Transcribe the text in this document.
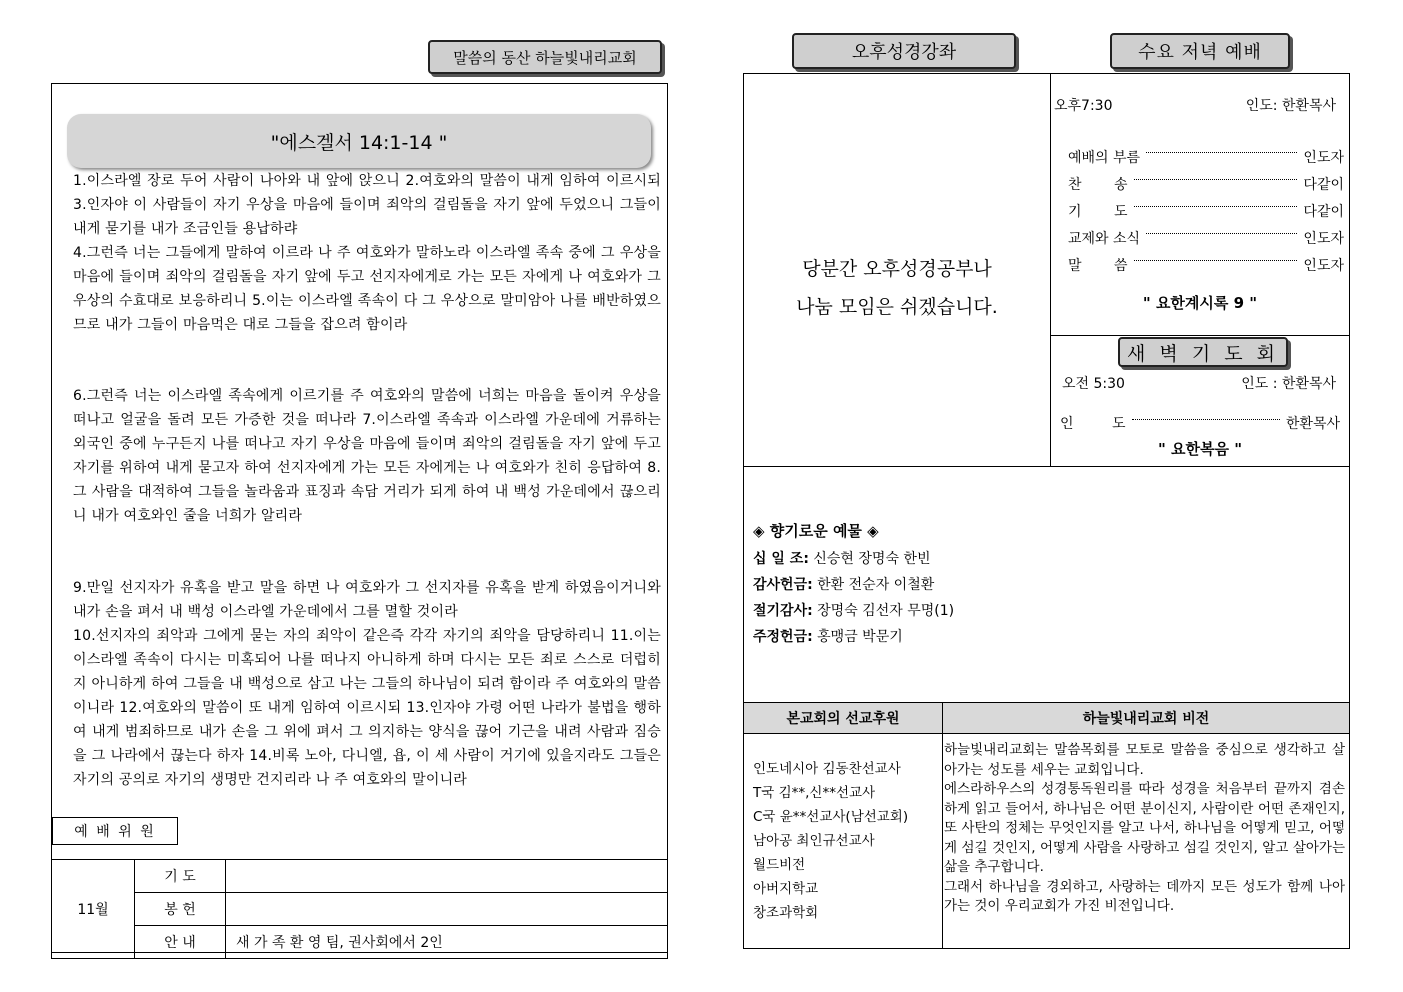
말씀의 동산 하늘빛내리교회
"에스겔서 14:1-14 "
1.이스라엘 장로 두어 사람이 나아와 내 앞에 앉으니 2.여호와의 말씀이 내게 임하여 이르시되 3.인자야 이 사람들이 자기 우상을 마음에 들이며 죄악의 걸림돌을 자기 앞에 두었으니 그들이 내게 묻기를 내가 조금인들 용납하랴
4.그런즉 너는 그들에게 말하여 이르라 나 주 여호와가 말하노라 이스라엘 족속 중에 그 우상을 마음에 들이며 죄악의 걸림돌을 자기 앞에 두고 선지자에게로 가는 모든 자에게 나 여호와가 그 우상의 수효대로 보응하리니 5.이는 이스라엘 족속이 다 그 우상으로 말미암아 나를 배반하였으므로 내가 그들이 마음먹은 대로 그들을 잡으려 함이라
6.그런즉 너는 이스라엘 족속에게 이르기를 주 여호와의 말씀에 너희는 마음을 돌이켜 우상을 떠나고 얼굴을 돌려 모든 가증한 것을 떠나라 7.이스라엘 족속과 이스라엘 가운데에 거류하는 외국인 중에 누구든지 나를 떠나고 자기 우상을 마음에 들이며 죄악의 걸림돌을 자기 앞에 두고 자기를 위하여 내게 묻고자 하여 선지자에게 가는 모든 자에게는 나 여호와가 친히 응답하여 8.그 사람을 대적하여 그들을 놀라움과 표징과 속담 거리가 되게 하여 내 백성 가운데에서 끊으리니 내가 여호와인 줄을 너희가 알리라
9.만일 선지자가 유혹을 받고 말을 하면 나 여호와가 그 선지자를 유혹을 받게 하였음이거니와 내가 손을 펴서 내 백성 이스라엘 가운데에서 그를 멸할 것이라
10.선지자의 죄악과 그에게 묻는 자의 죄악이 같은즉 각각 자기의 죄악을 담당하리니 11.이는 이스라엘 족속이 다시는 미혹되어 나를 떠나지 아니하게 하며 다시는 모든 죄로 스스로 더럽히지 아니하게 하여 그들을 내 백성으로 삼고 나는 그들의 하나님이 되려 함이라 주 여호와의 말씀이니라 12.여호와의 말씀이 또 내게 임하여 이르시되 13.인자야 가령 어떤 나라가 불법을 행하여 내게 범죄하므로 내가 손을 그 위에 펴서 그 의지하는 양식을 끊어 기근을 내려 사람과 짐승을 그 나라에서 끊는다 하자 14.비록 노아, 다니엘, 욥, 이 세 사람이 거기에 있을지라도 그들은 자기의 공의로 자기의 생명만 건지리라 나 주 여호와의 말이니라
예 배 위 원
11월	기 도	
	봉 헌	
	안 내	새 가 족 환 영 팀, 권사회에서 2인
오후성경강좌	수요 저녁 예배
당분간 오후성경공부나
나눔 모임은 쉬겠습니다.
오후7:30	인도: 한환목사
예배의 부름	인도자
찬 송	다같이
기 도	다같이
교제와 소식	인도자
말 씀	인도자
" 요한계시록 9 "
새 벽 기 도 회
오전 5:30	인도 : 한환목사
인 도	한환목사
" 요한복음 "
◈ 향기로운 예물 ◈
십 일 조: 신승현 장명숙 한빈
감사헌금: 한환 전순자 이철환
절기감사: 장명숙 김선자 무명(1)
주정헌금: 홍맹금 박문기
본교회의 선교후원	하늘빛내리교회 비전
인도네시아 김동찬선교사
T국 김**,신**선교사
C국 윤**선교사(남선교회)
남아공 최인규선교사
월드비전
아버지학교
창조과학회
하늘빛내리교회는 말씀목회를 모토로 말씀을 중심으로 생각하고 살아가는 성도를 세우는 교회입니다.
에스라하우스의 성경통독원리를 따라 성경을 처음부터 끝까지 겸손하게 읽고 들어서, 하나님은 어떤 분이신지, 사람이란 어떤 존재인지, 또 사탄의 정체는 무엇인지를 알고 나서, 하나님을 어떻게 믿고, 어떻게 섬길 것인지, 어떻게 사람을 사랑하고 섬길 것인지, 알고 살아가는 삶을 추구합니다.
그래서 하나님을 경외하고, 사랑하는 데까지 모든 성도가 함께 나아가는 것이 우리교회가 가진 비전입니다.
